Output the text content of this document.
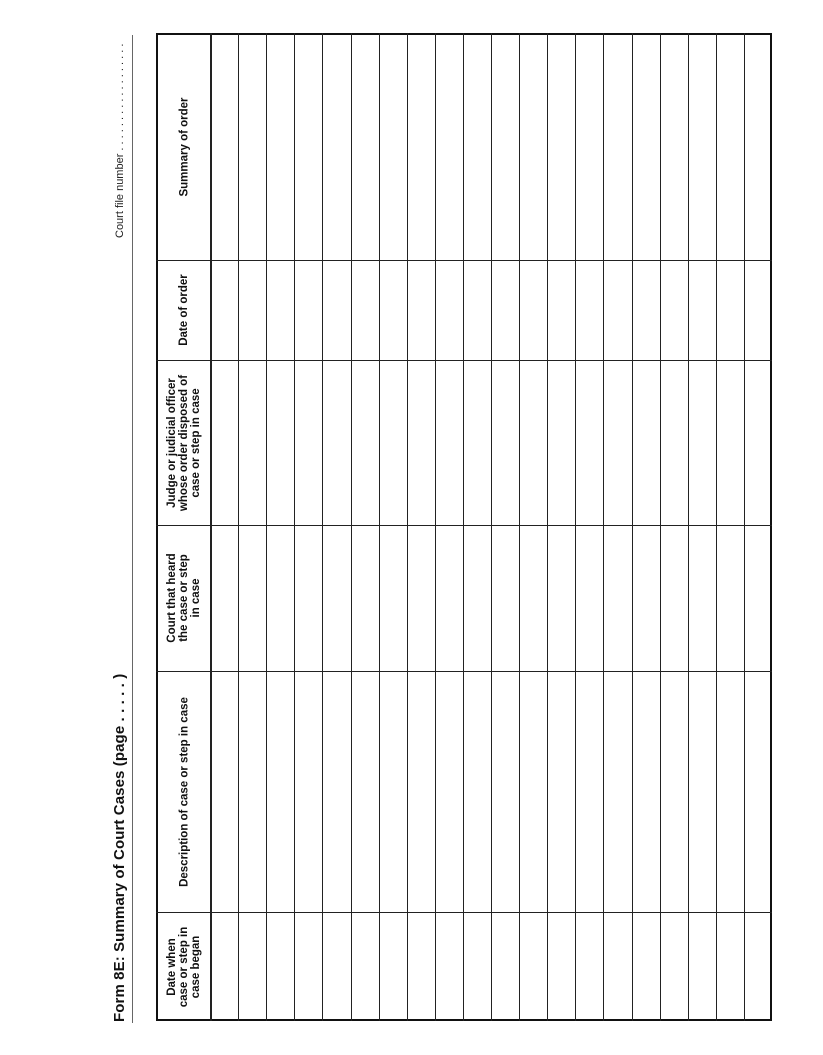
Form 8E: Summary of Court Cases (page . . . . . )
Court file number . . . . . . . . . . . . . . . . . .
Date when case or step in case began
Description of case or step in case
Court that heard the case or step in case
Judge or judicial officer whose order disposed of case or step in case
Date of order
Summary of order
